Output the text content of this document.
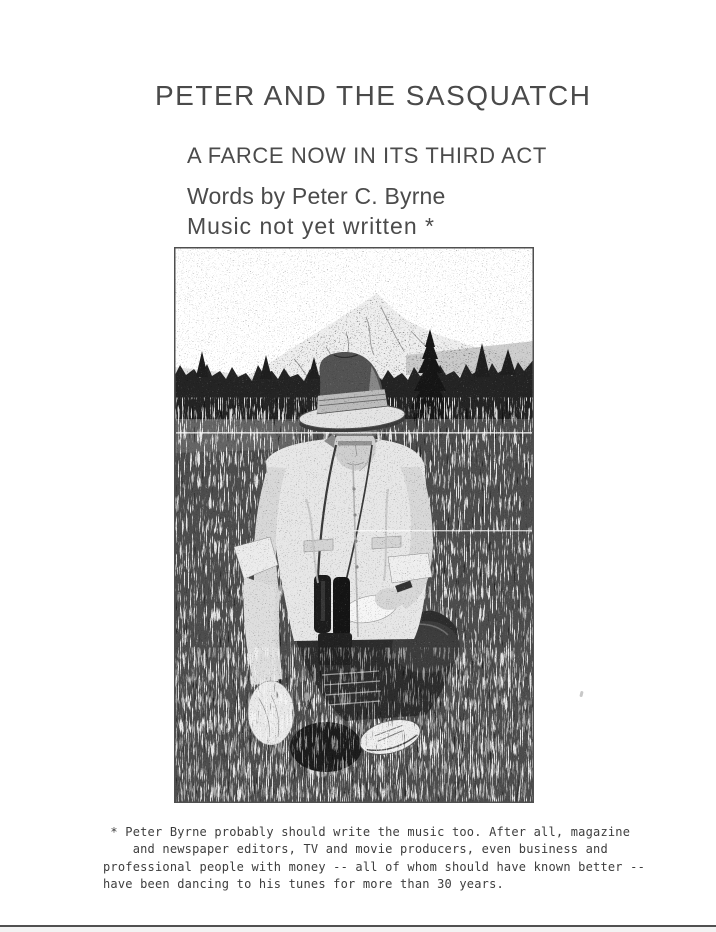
PETER AND THE SASQUATCH
A FARCE NOW IN ITS THIRD ACT
Words by Peter C. Byrne
Music not yet written *
* Peter Byrne probably should write the music too. After all, magazine
and newspaper editors, TV and movie producers, even business and
professional people with money -- all of whom should have known better --
have been dancing to his tunes for more than 30 years.
